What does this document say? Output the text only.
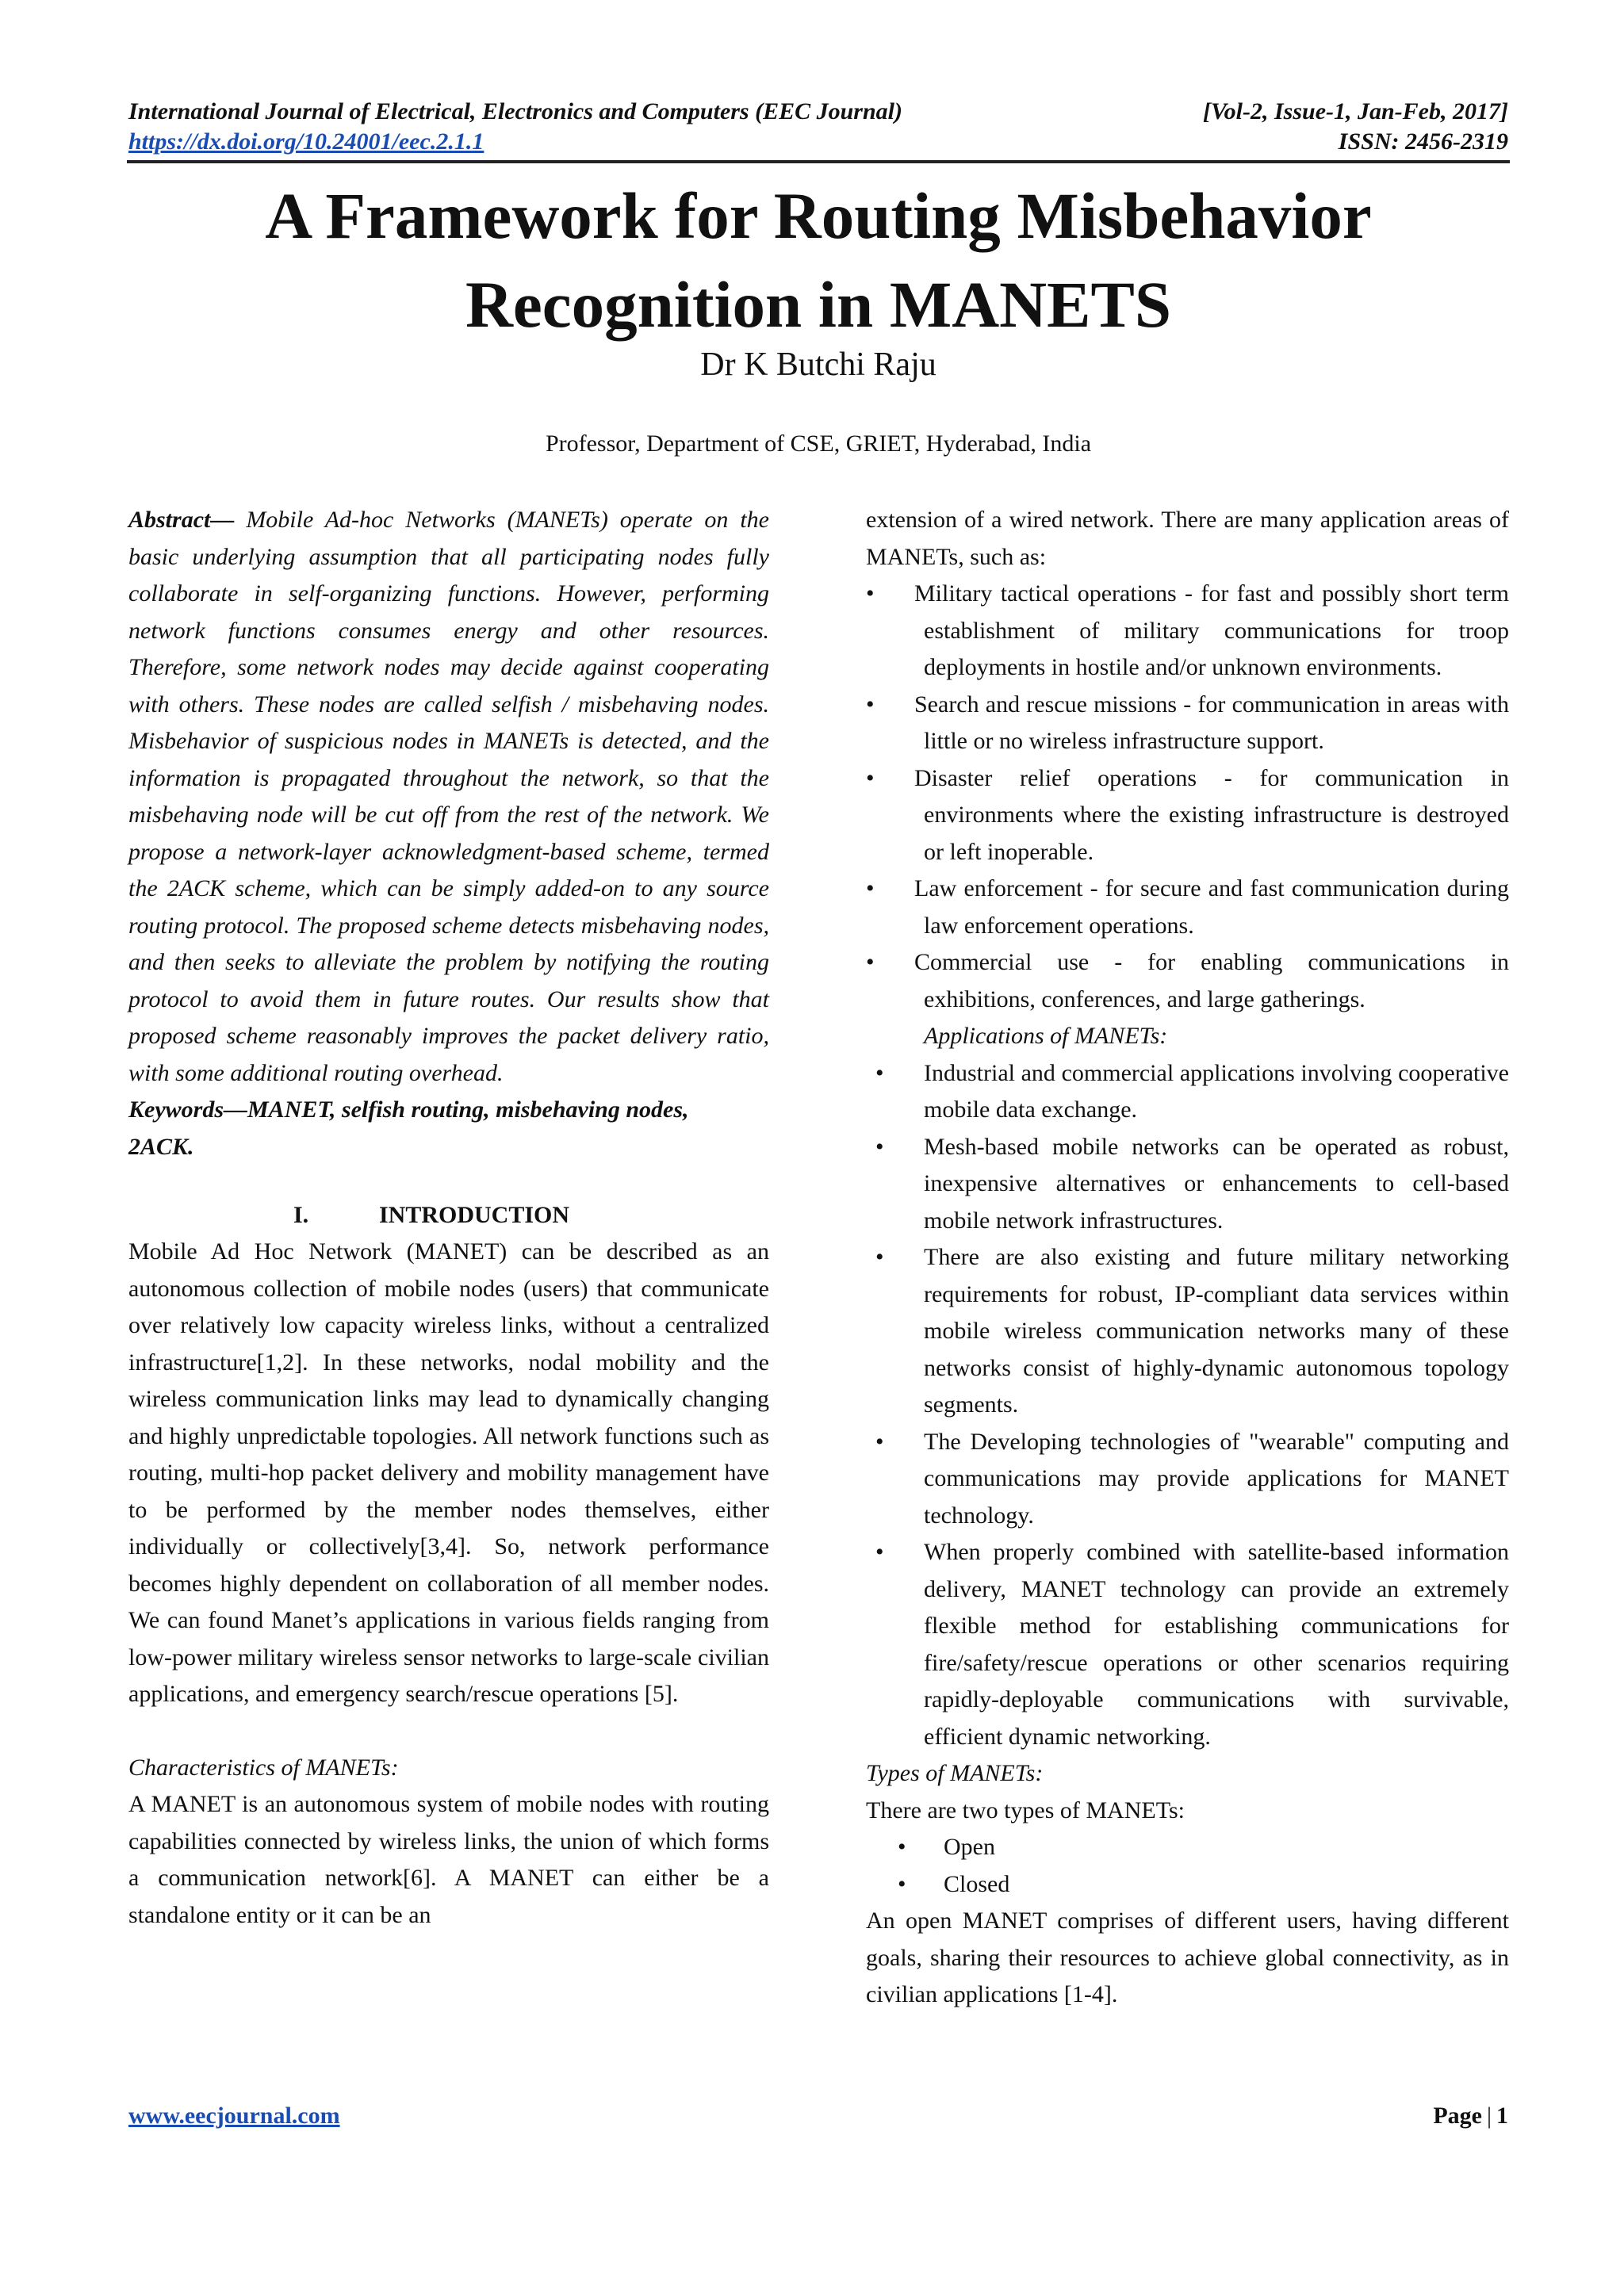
International Journal of Electrical, Electronics and Computers (EEC Journal)	[Vol-2, Issue-1, Jan-Feb, 2017]
https://dx.doi.org/10.24001/eec.2.1.1	ISSN: 2456-2319
A Framework for Routing Misbehavior
Recognition in MANETS
Dr K Butchi Raju
Professor, Department of CSE, GRIET, Hyderabad, India

Abstract— Mobile Ad-hoc Networks (MANETs) operate on the basic underlying assumption that all participating nodes fully collaborate in self-organizing functions. However, performing network functions consumes energy and other resources. Therefore, some network nodes may decide against cooperating with others. These nodes are called selfish / misbehaving nodes. Misbehavior of suspicious nodes in MANETs is detected, and the information is propagated throughout the network, so that the misbehaving node will be cut off from the rest of the network. We propose a network-layer acknowledgment-based scheme, termed the 2ACK scheme, which can be simply added-on to any source routing protocol. The proposed scheme detects misbehaving nodes, and then seeks to alleviate the problem by notifying the routing protocol to avoid them in future routes. Our results show that proposed scheme reasonably improves the packet delivery ratio, with some additional routing overhead.

Keywords—MANET, selfish routing, misbehaving nodes, 2ACK.

I.	INTRODUCTION

Mobile Ad Hoc Network (MANET) can be described as an autonomous collection of mobile nodes (users) that communicate over relatively low capacity wireless links, without a centralized infrastructure[1,2]. In these networks, nodal mobility and the wireless communication links may lead to dynamically changing and highly unpredictable topologies. All network functions such as routing, multi-hop packet delivery and mobility management have to be performed by the member nodes themselves, either individually or collectively[3,4]. So, network performance becomes highly dependent on collaboration of all member nodes. We can found Manet’s applications in various fields ranging from low-power military wireless sensor networks to large-scale civilian applications, and emergency search/rescue operations [5].

Characteristics of MANETs:

A MANET is an autonomous system of mobile nodes with routing capabilities connected by wireless links, the union of which forms a communication network[6]. A MANET can either be a standalone entity or it can be an

extension of a wired network. There are many application areas of MANETs, such as:

• Military tactical operations - for fast and possibly short term establishment of military communications for troop deployments in hostile and/or unknown environments.
• Search and rescue missions - for communication in areas with little or no wireless infrastructure support.
• Disaster relief operations - for communication in environments where the existing infrastructure is destroyed or left inoperable.
• Law enforcement - for secure and fast communication during law enforcement operations.
• Commercial use - for enabling communications in exhibitions, conferences, and large gatherings.

Applications of MANETs:

• Industrial and commercial applications involving cooperative mobile data exchange.
• Mesh-based mobile networks can be operated as robust, inexpensive alternatives or enhancements to cell-based mobile network infrastructures.
• There are also existing and future military networking requirements for robust, IP-compliant data services within mobile wireless communication networks many of these networks consist of highly-dynamic autonomous topology segments.
• The Developing technologies of "wearable" computing and communications may provide applications for MANET technology.
• When properly combined with satellite-based information delivery, MANET technology can provide an extremely flexible method for establishing communications for fire/safety/rescue operations or other scenarios requiring rapidly-deployable communications with survivable, efficient dynamic networking.

Types of MANETs:

There are two types of MANETs:

• Open
• Closed

An open MANET comprises of different users, having different goals, sharing their resources to achieve global connectivity, as in civilian applications [1-4].

www.eecjournal.com	Page | 1
